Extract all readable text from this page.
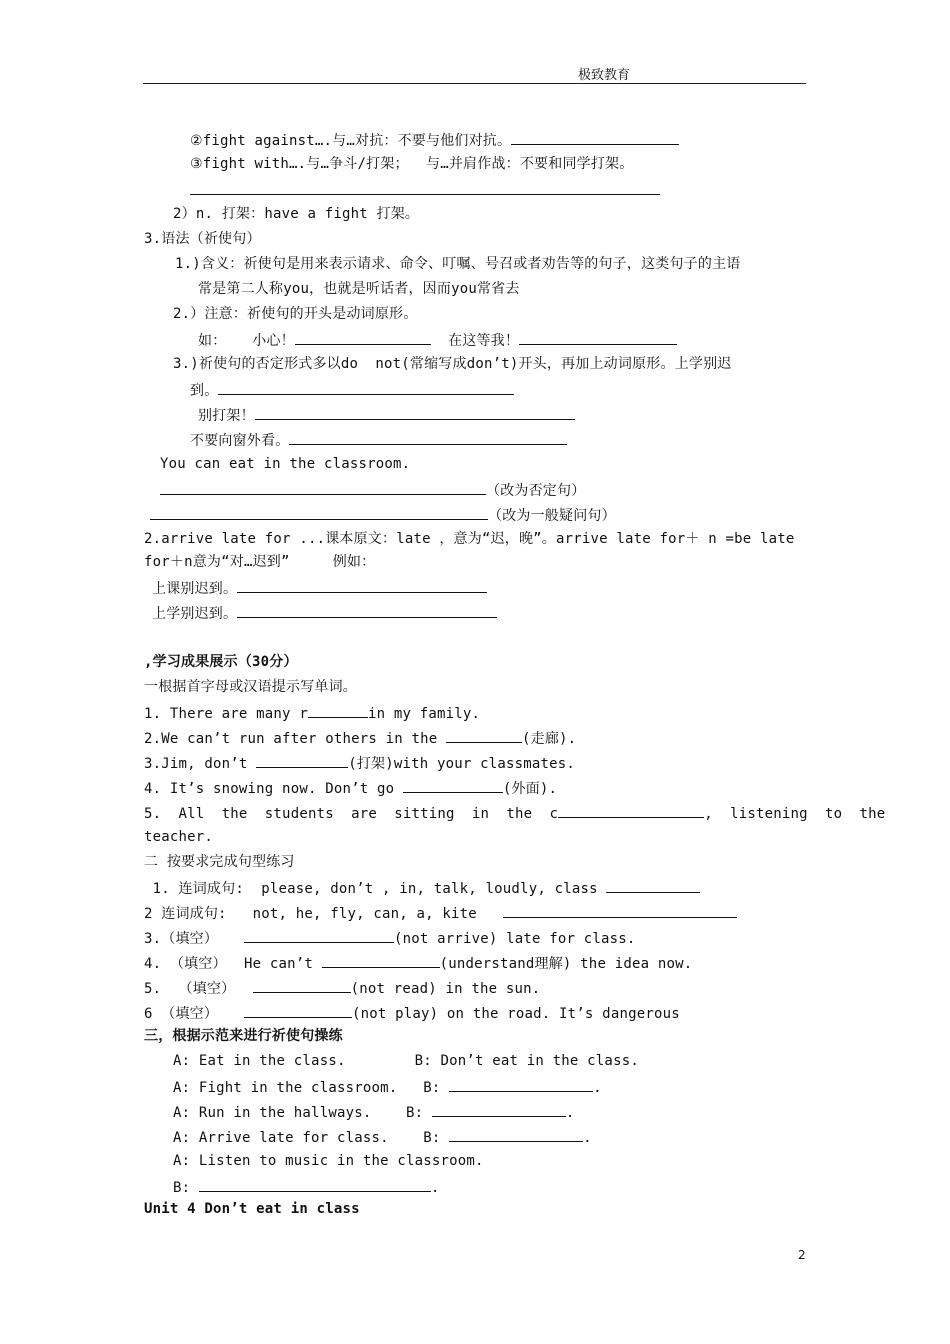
极致教育
②fight against….与…对抗：不要与他们对抗。
③fight with….与…争斗/打架；  与…并肩作战：不要和同学打架。
2）n. 打架：have a fight 打架。
3.语法（祈使句）
1.)含义：祈使句是用来表示请求、命令、叮嘱、号召或者劝告等的句子，这类句子的主语
常是第二人称you，也就是听话者，因而you常省去
2.）注意：祈使句的开头是动词原形。
如：   小心！	在这等我！
3.)祈使句的否定形式多以do  not(常缩写成don’t)开头，再加上动词原形。上学别迟
到。
别打架！
不要向窗外看。
You can eat in the classroom.
（改为否定句）
（改为一般疑问句）
2.arrive late for ...课本原文：late ，意为“迟，晚”。arrive late for＋ n =be late
for＋n意为“对…迟到”     例如：
上课别迟到。
上学别迟到。
,学习成果展示（30分）
一根据首字母或汉语提示写单词。
1. There are many r	in my family.
2.We can’t run after others in the	(走廊).
3.Jim, don’t	(打架)with your classmates.
4. It’s snowing now. Don’t go	(外面).
5.  All  the  students  are  sitting  in  the  c	,  listening  to  the
teacher.
二 按要求完成句型练习
1. 连词成句:  please, don’t , in, talk, loudly, class
2 连词成句:   not, he, fly, can, a, kite
3.（填空）	(not arrive) late for class.
4. （填空）  He can’t	(understand理解) the idea now.
5.  （填空）	(not read) in the sun.
6 （填空）	(not play) on the road. It’s dangerous
三，根据示范来进行祈使句操练
A: Eat in the class.        B: Don’t eat in the class.
A: Fight in the classroom.   B:	.
A: Run in the hallways.    B:	.
A: Arrive late for class.    B:	.
A: Listen to music in the classroom.
B:	.
Unit 4 Don’t eat in class
2
